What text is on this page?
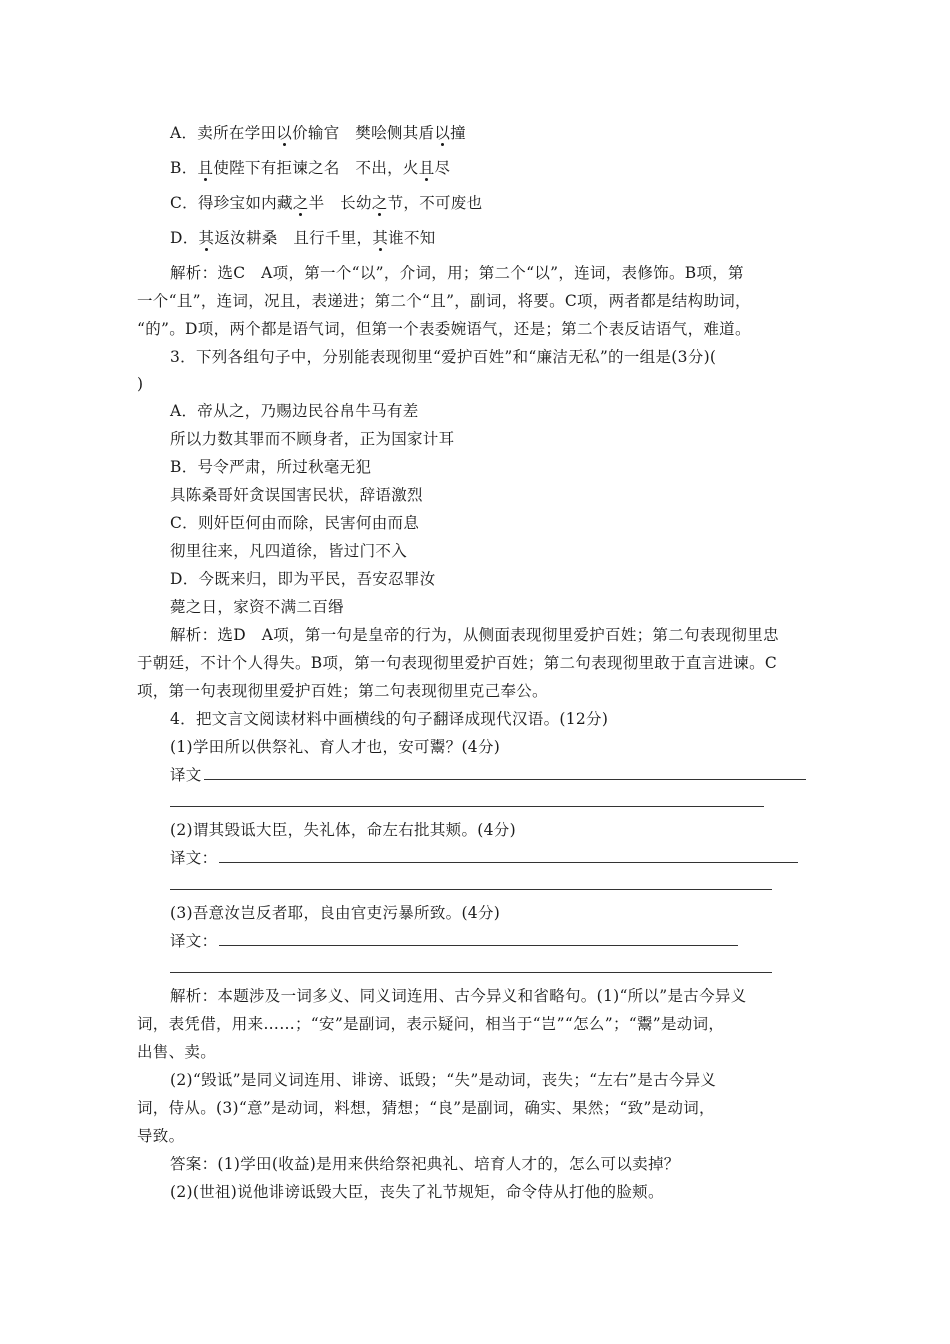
A．卖所在学田以价输官　樊哙侧其盾以撞
B．且使陛下有拒谏之名　不出，火且尽
C．得珍宝如内藏之半　长幼之节，不可废也
D．其返汝耕桑　且行千里，其谁不知
解析：选C　A项，第一个“以”，介词，用；第二个“以”，连词，表修饰。B项，第
一个“且”，连词，况且，表递进；第二个“且”，副词，将要。C项，两者都是结构助词，
“的”。D项，两个都是语气词，但第一个表委婉语气，还是；第二个表反诘语气，难道。
3．下列各组句子中，分别能表现彻里“爱护百姓”和“廉洁无私”的一组是(3分)(
)
A．帝从之，乃赐边民谷帛牛马有差
所以力数其罪而不顾身者，正为国家计耳
B．号令严肃，所过秋毫无犯
具陈桑哥奸贪误国害民状，辞语激烈
C．则奸臣何由而除，民害何由而息
彻里往来，凡四道徐，皆过门不入
D．今既来归，即为平民，吾安忍罪汝
薨之日，家资不满二百缗
解析：选D　A项，第一句是皇帝的行为，从侧面表现彻里爱护百姓；第二句表现彻里忠
于朝廷，不计个人得失。B项，第一句表现彻里爱护百姓；第二句表现彻里敢于直言进谏。C
项，第一句表现彻里爱护百姓；第二句表现彻里克己奉公。
4．把文言文阅读材料中画横线的句子翻译成现代汉语。(12分)
(1)学田所以供祭礼、育人才也，安可鬻？(4分)
译文
(2)谓其毁诋大臣，失礼体，命左右批其颊。(4分)
译文：
(3)吾意汝岂反者耶，良由官吏污暴所致。(4分)
译文：
解析：本题涉及一词多义、同义词连用、古今异义和省略句。(1)“所以”是古今异义
词，表凭借，用来……；“安”是副词，表示疑问，相当于“岂”“怎么”；“鬻”是动词，
出售、卖。
(2)“毁诋”是同义词连用、诽谤、诋毁；“失”是动词，丧失；“左右”是古今异义
词，侍从。(3)“意”是动词，料想，猜想；“良”是副词，确实、果然；“致”是动词，
导致。
答案：(1)学田(收益)是用来供给祭祀典礼、培育人才的，怎么可以卖掉？
(2)(世祖)说他诽谤诋毁大臣，丧失了礼节规矩，命令侍从打他的脸颊。
